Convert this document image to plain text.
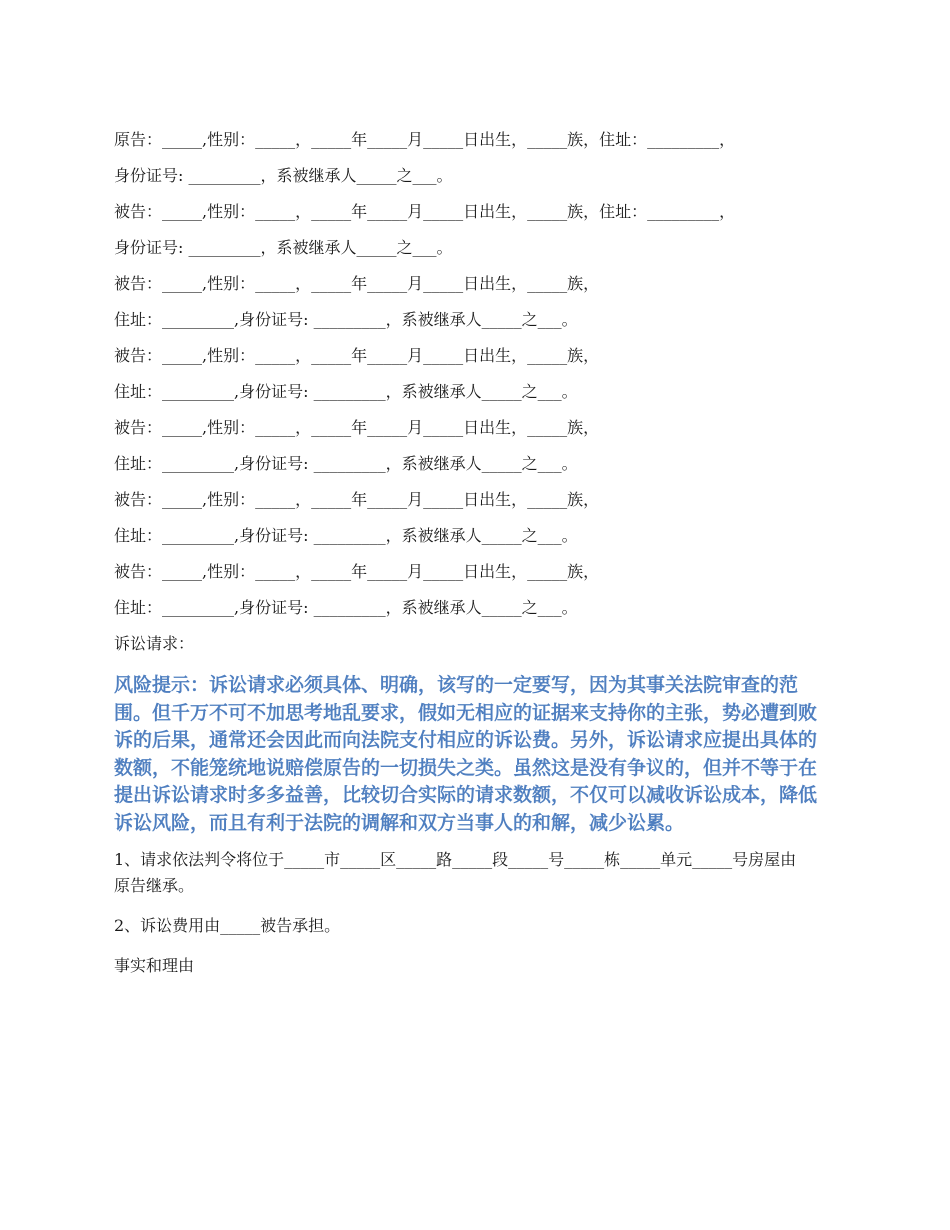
原告：_____,性别：_____，_____年_____月_____日出生，_____族，住址：_________，
身份证号: _________，系被继承人_____之___。
被告：_____,性别：_____，_____年_____月_____日出生，_____族，住址：_________，
身份证号: _________，系被继承人_____之___。
被告：_____,性别：_____，_____年_____月_____日出生，_____族，
住址：_________,身份证号: _________，系被继承人_____之___。
被告：_____,性别：_____，_____年_____月_____日出生，_____族，
住址：_________,身份证号: _________，系被继承人_____之___。
被告：_____,性别：_____，_____年_____月_____日出生，_____族，
住址：_________,身份证号: _________，系被继承人_____之___。
被告：_____,性别：_____，_____年_____月_____日出生，_____族，
住址：_________,身份证号: _________，系被继承人_____之___。
被告：_____,性别：_____，_____年_____月_____日出生，_____族，
住址：_________,身份证号: _________，系被继承人_____之___。
诉讼请求：
风险提示：诉讼请求必须具体、明确，该写的一定要写，因为其事关法院审查的范围。但千万不可不加思考地乱要求，假如无相应的证据来支持你的主张，势必遭到败诉的后果，通常还会因此而向法院支付相应的诉讼费。另外，诉讼请求应提出具体的数额，不能笼统地说赔偿原告的一切损失之类。虽然这是没有争议的，但并不等于在提出诉讼请求时多多益善，比较切合实际的请求数额，不仅可以减收诉讼成本，降低诉讼风险，而且有利于法院的调解和双方当事人的和解，减少讼累。
1、请求依法判令将位于_____市_____区_____路_____段_____号_____栋_____单元_____号房屋由原告继承。
2、诉讼费用由_____被告承担。
事实和理由
